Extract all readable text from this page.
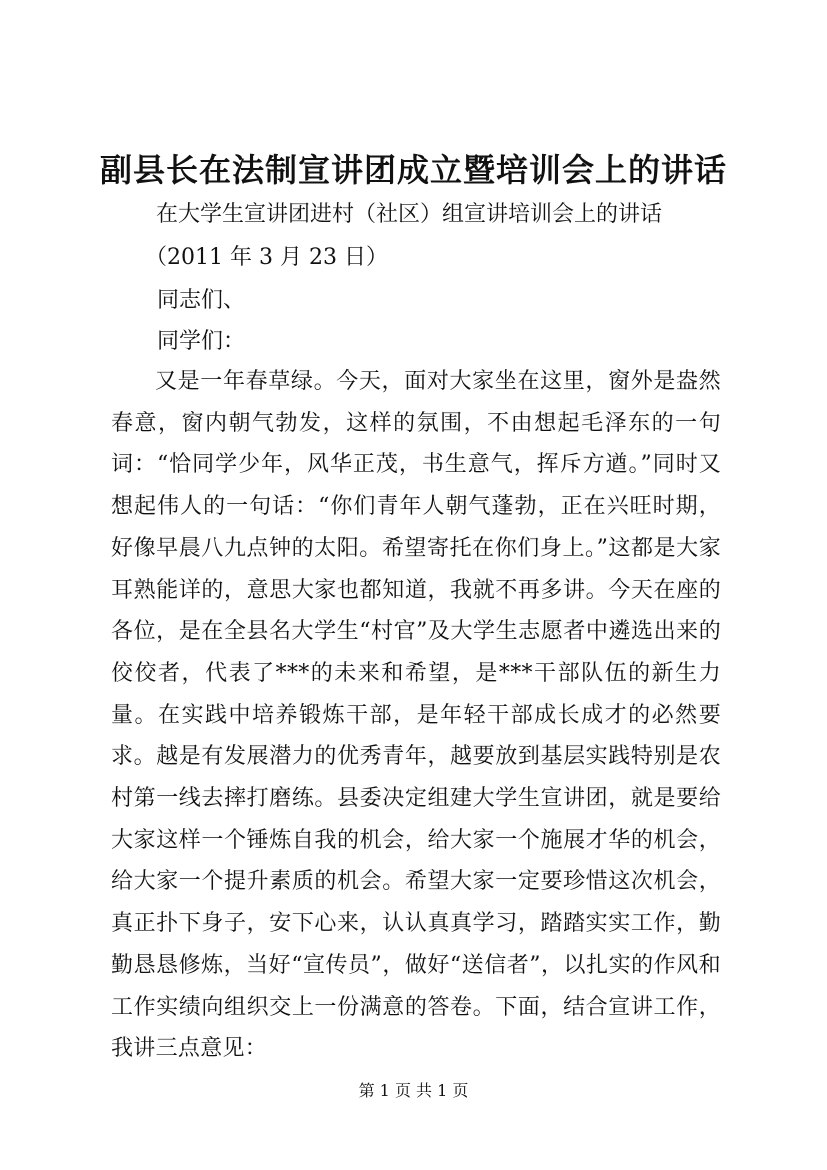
副县长在法制宣讲团成立暨培训会上的讲话
在大学生宣讲团进村（社区）组宣讲培训会上的讲话
（2011 年 3 月 23 日）
同志们、
同学们：
又是一年春草绿。今天，面对大家坐在这里，窗外是盎然春意，窗内朝气勃发，这样的氛围，不由想起毛泽东的一句词：“恰同学少年，风华正茂，书生意气，挥斥方遒。”同时又想起伟人的一句话：“你们青年人朝气蓬勃，正在兴旺时期，好像早晨八九点钟的太阳。希望寄托在你们身上。”这都是大家耳熟能详的，意思大家也都知道，我就不再多讲。今天在座的各位，是在全县名大学生“村官”及大学生志愿者中遴选出来的佼佼者，代表了***的未来和希望，是***干部队伍的新生力量。在实践中培养锻炼干部，是年轻干部成长成才的必然要求。越是有发展潜力的优秀青年，越要放到基层实践特别是农村第一线去摔打磨练。县委决定组建大学生宣讲团，就是要给大家这样一个锤炼自我的机会，给大家一个施展才华的机会，给大家一个提升素质的机会。希望大家一定要珍惜这次机会，真正扑下身子，安下心来，认认真真学习，踏踏实实工作，勤勤恳恳修炼，当好“宣传员”，做好“送信者”，以扎实的作风和工作实绩向组织交上一份满意的答卷。下面，结合宣讲工作，我讲三点意见：
第 1 页 共 1 页
